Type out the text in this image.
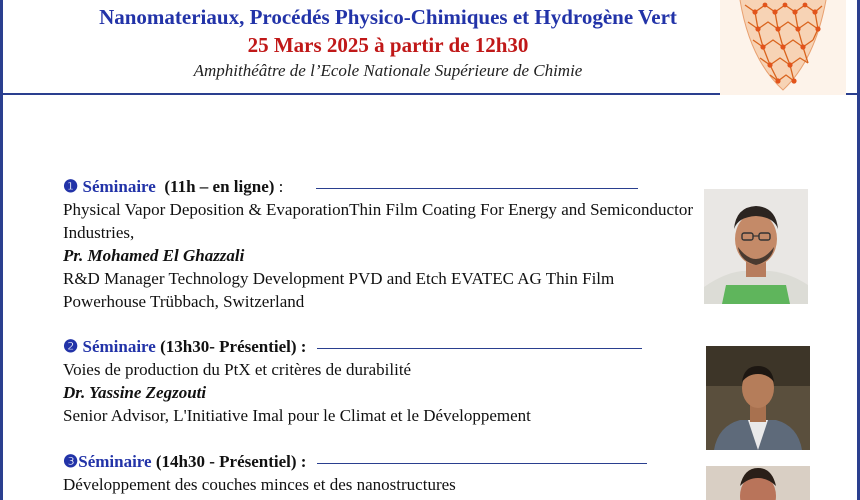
Nanomateriaux, Procédés Physico-Chimiques et Hydrogène Vert
25 Mars 2025 à partir de 12h30
Amphithéâtre de l’Ecole Nationale Supérieure de Chimie
❶ Séminaire (11h – en ligne) :
Physical Vapor Deposition & EvaporationThin Film Coating For Energy and Semiconductor Industries,
Pr. Mohamed El Ghazzali
R&D Manager Technology Development PVD and Etch EVATEC AG Thin Film Powerhouse Trübbach, Switzerland
❷ Séminaire (13h30- Présentiel) :
Voies de production du PtX et critères de durabilité
Dr. Yassine Zegzouti
Senior Advisor, L'Initiative Imal pour le Climat et le Développement
❸Séminaire (14h30 - Présentiel) :
Développement des couches minces et des nanostructures
